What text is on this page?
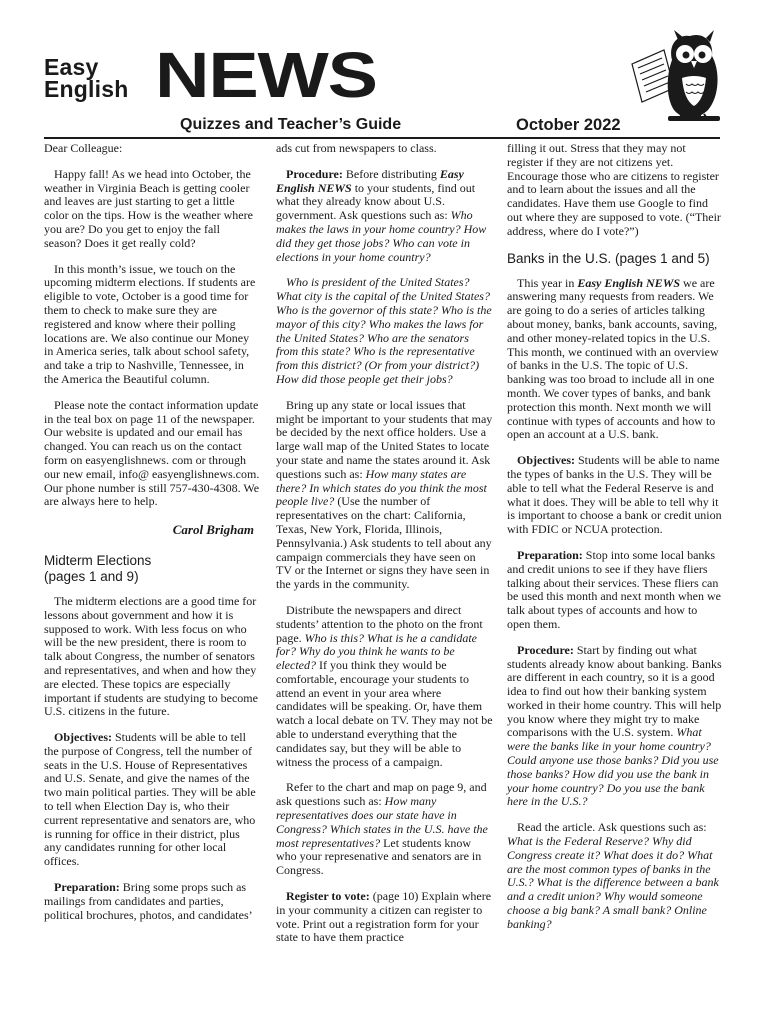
Easy
English NEWS
Quizzes and Teacher’s Guide	October 2022

Dear Colleague:

Happy fall! As we head into October, the weather in Virginia Beach is getting cooler and leaves are just starting to get a little color on the tips. How is the weather where you are? Do you get to enjoy the fall season? Does it get really cold?

In this month’s issue, we touch on the upcoming midterm elections. If students are eligible to vote, October is a good time for them to check to make sure they are registered and know where their polling locations are. We also continue our Money in America series, talk about school safety, and take a trip to Nashville, Tennessee, in the America the Beautiful column.

Please note the contact information update in the teal box on page 11 of the newspaper. Our website is updated and our email has changed. You can reach us on the contact form on easyenglishnews. com or through our new email, info@ easyenglishnews.com. Our phone number is still 757-430-4308. We are always here to help.

Carol Brigham
Midterm Elections
(pages 1 and 9)

The midterm elections are a good time for lessons about government and how it is supposed to work. With less focus on who will be the new president, there is room to talk about Congress, the number of senators and representatives, and when and how they are elected. These topics are especially important if students are studying to become U.S. citizens in the future.

Objectives: Students will be able to tell the purpose of Congress, tell the number of seats in the U.S. House of Representatives and U.S. Senate, and give the names of the two main political parties. They will be able to tell when Election Day is, who their current representative and senators are, who is running for office in their district, plus any candidates running for other local offices.

Preparation: Bring some props such as mailings from candidates and parties, political brochures, photos, and candidates’

ads cut from newspapers to class.

Procedure: Before distributing Easy English NEWS to your students, find out what they already know about U.S. government. Ask questions such as: Who makes the laws in your home country? How did they get those jobs? Who can vote in elections in your home country?

Who is president of the United States? What city is the capital of the United States? Who is the governor of this state? Who is the mayor of this city? Who makes the laws for the United States? Who are the senators from this state? Who is the representative from this district? (Or from your district?) How did those people get their jobs?

Bring up any state or local issues that might be important to your students that may be decided by the next office holders. Use a large wall map of the United States to locate your state and name the states around it. Ask questions such as: How many states are there? In which states do you think the most people live? (Use the number of representatives on the chart: California, Texas, New York, Florida, Illinois, Pennsylvania.) Ask students to tell about any campaign commercials they have seen on TV or the Internet or signs they have seen in the yards in the community.

Distribute the newspapers and direct students’ attention to the photo on the front page. Who is this? What is he a candidate for? Why do you think he wants to be elected? If you think they would be comfortable, encourage your students to attend an event in your area where candidates will be speaking. Or, have them watch a local debate on TV. They may not be able to understand everything that the candidates say, but they will be able to witness the process of a campaign.

Refer to the chart and map on page 9, and ask questions such as: How many representatives does our state have in Congress? Which states in the U.S. have the most representatives? Let students know who your represenative and senators are in Congress.

Register to vote: (page 10) Explain where in your community a citizen can register to vote. Print out a registration form for your state to have them practice

filling it out. Stress that they may not register if they are not citizens yet. Encourage those who are citizens to register and to learn about the issues and all the candidates. Have them use Google to find out where they are supposed to vote. (“Their address, where do I vote?”)

Banks in the U.S. (pages 1 and 5)

This year in Easy English NEWS we are answering many requests from readers. We are going to do a series of articles talking about money, banks, bank accounts, saving, and other money-related topics in the U.S. This month, we continued with an overview of banks in the U.S. The topic of U.S. banking was too broad to include all in one month. We cover types of banks, and bank protection this month. Next month we will continue with types of accounts and how to open an account at a U.S. bank.

Objectives: Students will be able to name the types of banks in the U.S. They will be able to tell what the Federal Reserve is and what it does. They will be able to tell why it is important to choose a bank or credit union with FDIC or NCUA protection.

Preparation: Stop into some local banks and credit unions to see if they have fliers talking about their services. These fliers can be used this month and next month when we talk about types of accounts and how to open them.

Procedure: Start by finding out what students already know about banking. Banks are different in each country, so it is a good idea to find out how their banking system worked in their home country. This will help you know where they might try to make comparisons with the U.S. system. What were the banks like in your home country? Could anyone use those banks? Did you use those banks? How did you use the bank in your home country? Do you use the bank here in the U.S.?

Read the article. Ask questions such as: What is the Federal Reserve? Why did Congress create it? What does it do? What are the most common types of banks in the U.S.? What is the difference between a bank and a credit union? Why would someone choose a big bank? A small bank? Online banking?
